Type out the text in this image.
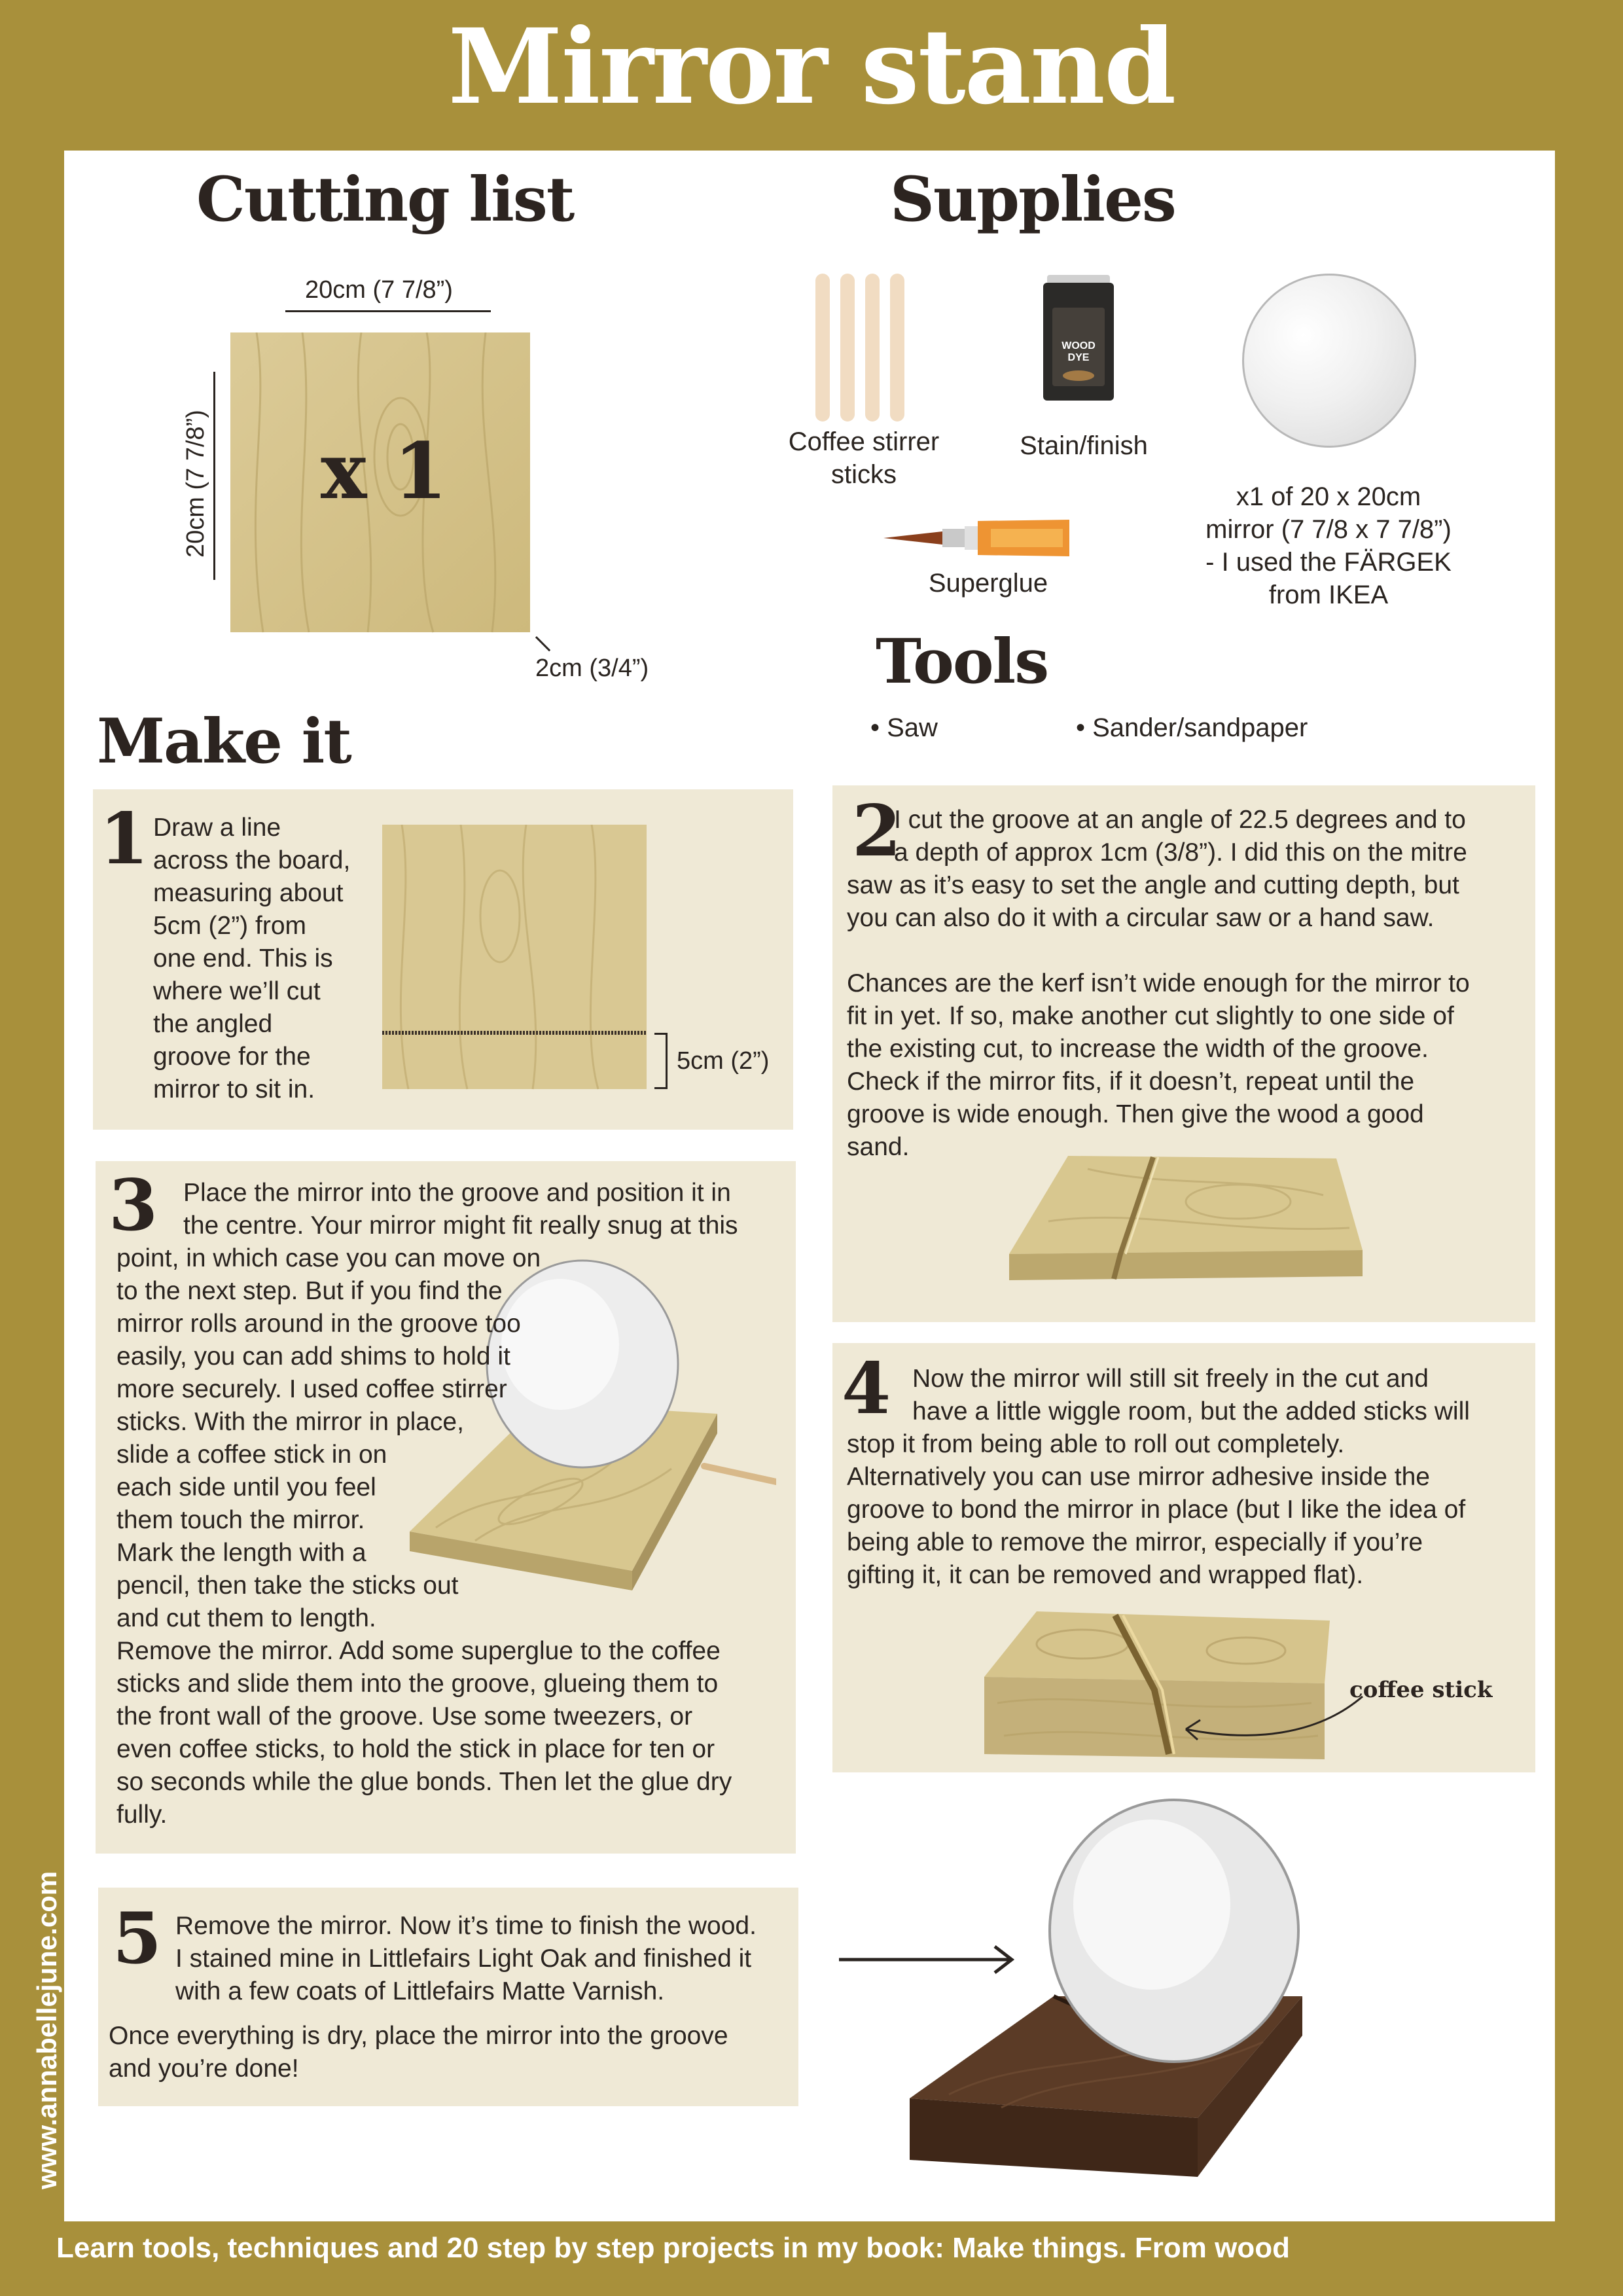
Mirror stand
Cutting list
20cm (7 7/8”)
20cm (7 7/8”) x 1
2cm (3/4”)
Supplies
Coffee stirrer
sticks
WOOD
DYE
Stain/finish
Superglue
x1 of 20 x 20cm
mirror (7 7/8 x 7 7/8”)
- I used the FÄRGEK
from IKEA
Tools
• Saw	• Sander/sandpaper
Make it
1 Draw a line
across the board,
measuring about
5cm (2”) from
one end. This is
where we’ll cut
the angled
groove for the
mirror to sit in.
5cm (2”)
2
I cut the groove at an angle of 22.5 degrees and to
a depth of approx 1cm (3/8”). I did this on the mitre
saw as it’s easy to set the angle and cutting depth, but
you can also do it with a circular saw or a hand saw.
Chances are the kerf isn’t wide enough for the mirror to
fit in yet. If so, make another cut slightly to one side of
the existing cut, to increase the width of the groove.
Check if the mirror fits, if it doesn’t, repeat until the
groove is wide enough. Then give the wood a good
sand.
3 Place the mirror into the groove and position it in
the centre. Your mirror might fit really snug at this
point, in which case you can move on
to the next step. But if you find the
mirror rolls around in the groove too
easily, you can add shims to hold it
more securely. I used coffee stirrer
sticks. With the mirror in place,
slide a coffee stick in on
each side until you feel
them touch the mirror.
Mark the length with a
pencil, then take the sticks out
and cut them to length.
Remove the mirror. Add some superglue to the coffee
sticks and slide them into the groove, glueing them to
the front wall of the groove. Use some tweezers, or
even coffee sticks, to hold the stick in place for ten or
so seconds while the glue bonds. Then let the glue dry
fully.
4 Now the mirror will still sit freely in the cut and
have a little wiggle room, but the added sticks will
stop it from being able to roll out completely.
Alternatively you can use mirror adhesive inside the
groove to bond the mirror in place (but I like the idea of
being able to remove the mirror, especially if you’re
gifting it, it can be removed and wrapped flat).
coffee stick
5 Remove the mirror. Now it’s time to finish the wood.
I stained mine in Littlefairs Light Oak and finished it
with a few coats of Littlefairs Matte Varnish.
Once everything is dry, place the mirror into the groove
and you’re done!
www.annabellejune.com
Learn tools, techniques and 20 step by step projects in my book: Make things. From wood
